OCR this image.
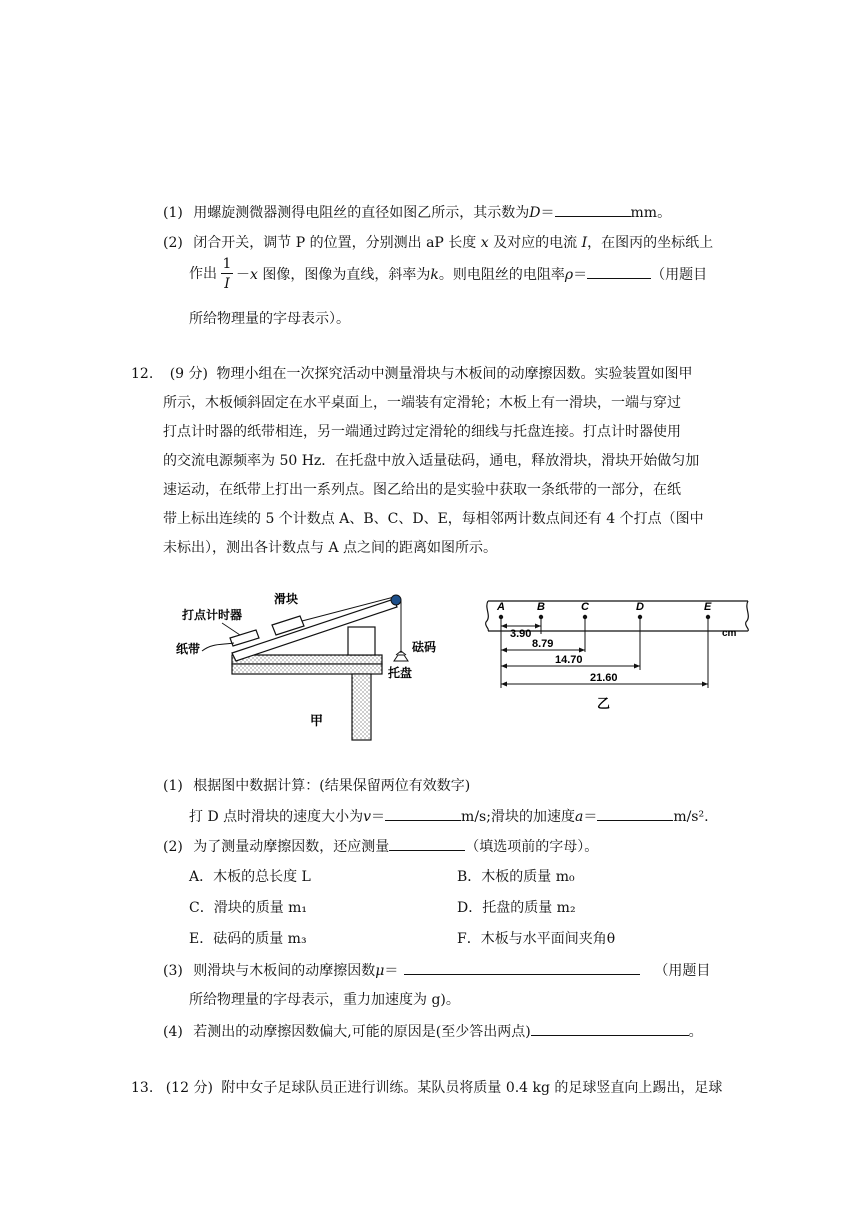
(1) 用螺旋测微器测得电阻丝的直径如图乙所示，其示数为D＝	mm。
(2) 闭合开关，调节 P 的位置，分别测出 aP 长度 x 及对应的电流 I，在图丙的坐标纸上
作出
1
I
－x 图像，图像为直线，斜率为k。则电阻丝的电阻率ρ＝	（用题目
所给物理量的字母表示）。
12. (9 分) 物理小组在一次探究活动中测量滑块与木板间的动摩擦因数。实验装置如图甲
所示，木板倾斜固定在水平桌面上，一端装有定滑轮；木板上有一滑块，一端与穿过
打点计时器的纸带相连，另一端通过跨过定滑轮的细线与托盘连接。打点计时器使用
的交流电源频率为 50 Hz．在托盘中放入适量砝码，通电，释放滑块，滑块开始做匀加
速运动，在纸带上打出一系列点。图乙给出的是实验中获取一条纸带的一部分，在纸
带上标出连续的 5 个计数点 A、B、C、D、E，每相邻两计数点间还有 4 个打点（图中
未标出），测出各计数点与 A 点之间的距离如图所示。
打点计时器
滑块
纸带	砝码
托盘
甲
A	B	C	D	E
cm
3.90
8.79
14.70
21.60
乙
(1) 根据图中数据计算：(结果保留两位有效数字)
打 D 点时滑块的速度大小为v＝	m/s;滑块的加速度a＝	m/s².
(2) 为了测量动摩擦因数，还应测量	（填选项前的字母）。
A．木板的总长度 L	B．木板的质量 m₀
C．滑块的质量 m₁	D．托盘的质量 m₂
E．砝码的质量 m₃	F．木板与水平面间夹角θ
(3) 则滑块与木板间的动摩擦因数μ＝	（用题目
所给物理量的字母表示，重力加速度为 g)。
(4) 若测出的动摩擦因数偏大,可能的原因是(至少答出两点)	。
13. (12 分) 附中女子足球队员正进行训练。某队员将质量 0.4 kg 的足球竖直向上踢出，足球
